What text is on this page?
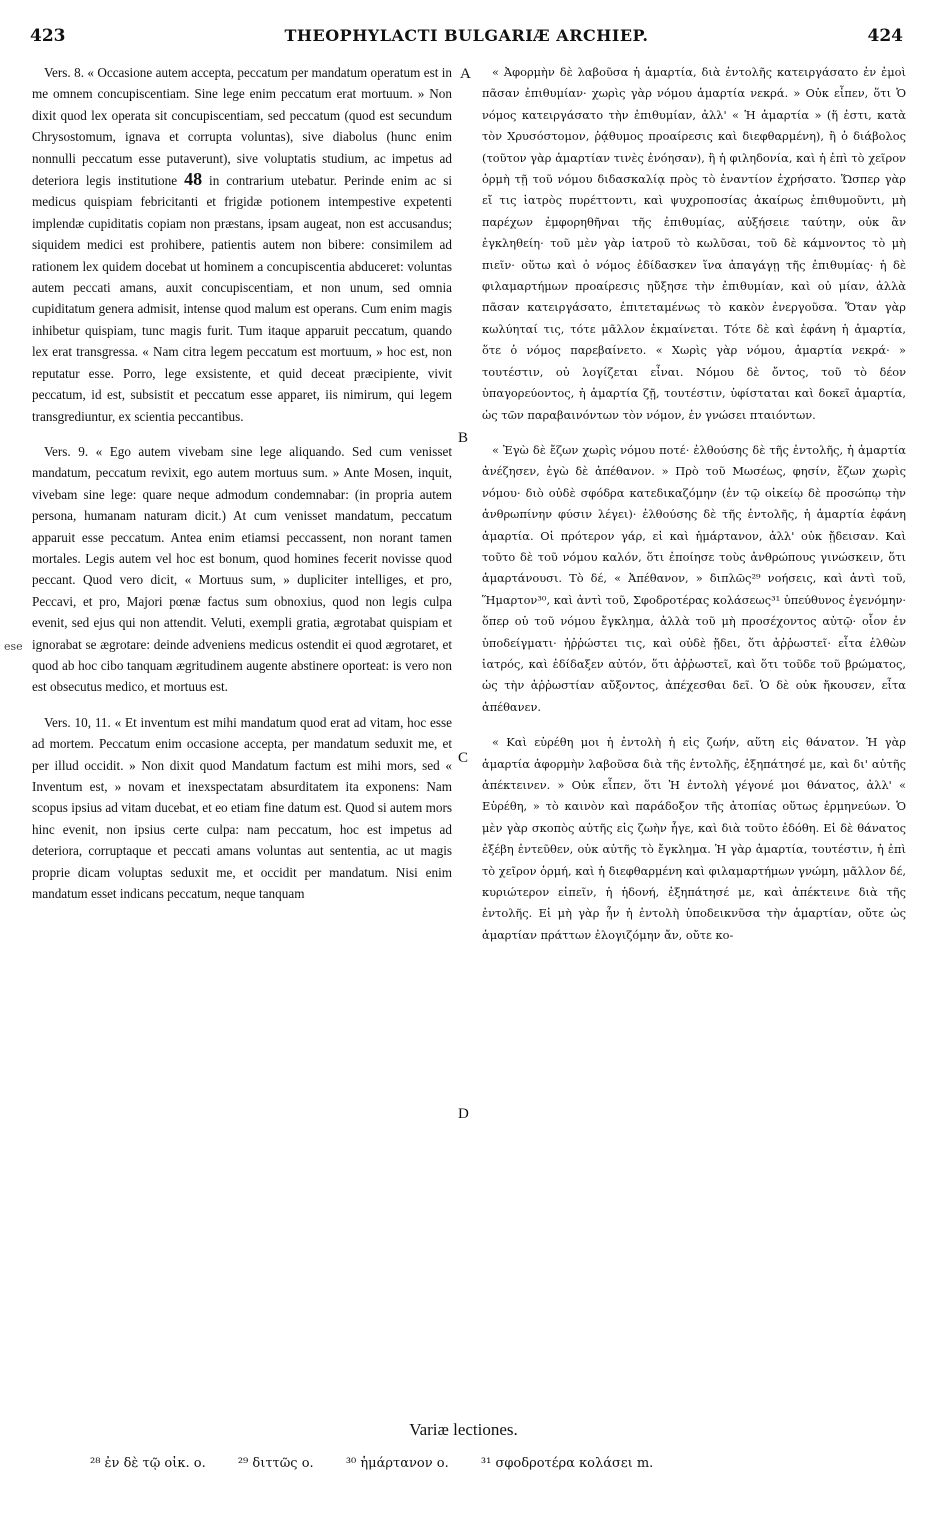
423	THEOPHYLACTI BULGARIÆ ARCHIEP.	424

Vers. 8. « Occasione autem accepta, peccatum per mandatum operatum est in me omnem concupiscentiam. Sine lege enim peccatum erat mortuum. » Non dixit quod lex operata sit concupiscentiam, sed peccatum (quod est secundum Chrysostomum, ignava et corrupta voluntas), sive diabolus (hunc enim nonnulli peccatum esse putaverunt), sive voluptatis studium, ac impetus ad deteriora legis institutione 48 in contrarium utebatur. Perinde enim ac si medicus quispiam febricitanti et frigidæ potionem intempestive expetenti implendæ cupiditatis copiam non præstans, ipsam augeat, non est accusandus; siquidem medici est prohibere, patientis autem non bibere: consimilem ad rationem lex quidem docebat ut hominem a concupiscentia abduceret: voluntas autem peccati amans, auxit concupiscentiam, et non unum, sed omnia cupiditatum genera admisit, intense quod malum est operans. Cum enim magis inhibetur quispiam, tunc magis furit. Tum itaque apparuit peccatum, quando lex erat transgressa. « Nam citra legem peccatum est mortuum, » hoc est, non reputatur esse. Porro, lege exsistente, et quid deceat præcipiente, vivit peccatum, id est, subsistit et peccatum esse apparet, iis nimirum, qui legem transgrediuntur, ex scientia peccantibus.

Vers. 9. « Ego autem vivebam sine lege aliquando. Sed cum venisset mandatum, peccatum revixit, ego autem mortuus sum. » Ante Mosen, inquit, vivebam sine lege: quare neque admodum condemnabar: (in propria autem persona, humanam naturam dicit.) At cum venisset mandatum, peccatum apparuit esse peccatum. Antea enim etiamsi peccassent, non norant tamen mortales. Legis autem vel hoc est bonum, quod homines fecerit novisse quod peccant. Quod vero dicit, « Mortuus sum, » dupliciter intelliges, et pro, Peccavi, et pro, Majori pœnæ factus sum obnoxius, quod non legis culpa evenit, sed ejus qui non attendit. Veluti, exempli gratia, ægrotabat quispiam et ignorabat se ægrotare: deinde adveniens medicus ostendit ei quod ægrotaret, et quod ab hoc cibo tanquam ægritudinem augente abstinere oporteat: is vero non est obsecutus medico, et mortuus est.

Vers. 10, 11. « Et inventum est mihi mandatum quod erat ad vitam, hoc esse ad mortem. Peccatum enim occasione accepta, per mandatum seduxit me, et per illud occidit. » Non dixit quod Mandatum factum est mihi mors, sed « Inventum est, » novam et inexspectatam absurditatem ita exponens: Nam scopus ipsius ad vitam ducebat, et eo etiam fine datum est. Quod si autem mors hinc evenit, non ipsius certe culpa: nam peccatum, hoc est impetus ad deteriora, corruptaque et peccati amans voluntas aut sententia, ac ut magis proprie dicam voluptas seduxit me, et occidit per mandatum. Nisi enim mandatum esset indicans peccatum, neque tanquam

A
B
C
D

« Ἀφορμὴν δὲ λαβοῦσα ἡ ἁμαρτία, διὰ ἐντολῆς κατειργάσατο ἐν ἐμοὶ πᾶσαν ἐπιθυμίαν· χωρὶς γὰρ νόμου ἁμαρτία νεκρά. » Οὐκ εἶπεν, ὅτι Ὁ νόμος κατειργάσατο τὴν ἐπιθυμίαν, ἀλλ' « Ἡ ἁμαρτία » (ἥ ἐστι, κατὰ τὸν Χρυσόστομον, ῥᾴθυμος προαίρεσις καὶ διεφθαρμένη), ἢ ὁ διάβολος (τοῦτον γὰρ ἁμαρτίαν τινὲς ἐνόησαν), ἢ ἡ φιληδονία, καὶ ἡ ἐπὶ τὸ χεῖρον ὁρμὴ τῇ τοῦ νόμου διδασκαλίᾳ πρὸς τὸ ἐναντίον ἐχρήσατο. Ὥσπερ γὰρ εἴ τις ἰατρὸς πυρέττοντι, καὶ ψυχροποσίας ἀκαίρως ἐπιθυμοῦντι, μὴ παρέχων ἐμφορηθῆναι τῆς ἐπιθυμίας, αὐξήσειε ταύτην, οὐκ ἂν ἐγκληθείη· τοῦ μὲν γὰρ ἰατροῦ τὸ κωλῦσαι, τοῦ δὲ κάμνοντος τὸ μὴ πιεῖν· οὕτω καὶ ὁ νόμος ἐδίδασκεν ἵνα ἀπαγάγῃ τῆς ἐπιθυμίας· ἡ δὲ φιλαμαρτήμων προαίρεσις ηὔξησε τὴν ἐπιθυμίαν, καὶ οὐ μίαν, ἀλλὰ πᾶσαν κατειργάσατο, ἐπιτεταμένως τὸ κακὸν ἐνεργοῦσα. Ὅταν γὰρ κωλύηταί τις, τότε μᾶλλον ἐκμαίνεται. Τότε δὲ καὶ ἐφάνη ἡ ἁμαρτία, ὅτε ὁ νόμος παρεβαίνετο. « Χωρὶς γὰρ νόμου, ἁμαρτία νεκρά· » τουτέστιν, οὐ λογίζεται εἶναι. Νόμου δὲ ὄντος, τοῦ τὸ δέον ὑπαγορεύοντος, ἡ ἁμαρτία ζῇ, τουτέστιν, ὑφίσταται καὶ δοκεῖ ἁμαρτία, ὡς τῶν παραβαινόντων τὸν νόμον, ἐν γνώσει πταιόντων.

« Ἐγὼ δὲ ἔζων χωρὶς νόμου ποτέ· ἐλθούσης δὲ τῆς ἐντολῆς, ἡ ἁμαρτία ἀνέζησεν, ἐγὼ δὲ ἀπέθανον. » Πρὸ τοῦ Μωσέως, φησίν, ἔζων χωρὶς νόμου· διὸ οὐδὲ σφόδρα κατεδικαζόμην (ἐν τῷ οἰκείῳ δὲ προσώπῳ τὴν ἀνθρωπίνην φύσιν λέγει)· ἐλθούσης δὲ τῆς ἐντολῆς, ἡ ἁμαρτία ἐφάνη ἁμαρτία. Οἱ πρότερον γάρ, εἰ καὶ ἡμάρτανον, ἀλλ' οὐκ ᾔδεισαν. Καὶ τοῦτο δὲ τοῦ νόμου καλόν, ὅτι ἐποίησε τοὺς ἀνθρώπους γινώσκειν, ὅτι ἁμαρτάνουσι. Τὸ δέ, « Ἀπέθανον, » διπλῶς²⁹ νοήσεις, καὶ ἀντὶ τοῦ, Ἥμαρτον³⁰, καὶ ἀντὶ τοῦ, Σφοδροτέρας κολάσεως³¹ ὑπεύθυνος ἐγενόμην· ὅπερ οὐ τοῦ νόμου ἔγκλημα, ἀλλὰ τοῦ μὴ προσέχοντος αὐτῷ· οἷον ἐν ὑποδείγματι· ἠῤῥώστει τις, καὶ οὐδὲ ᾔδει, ὅτι ἀῤῥωστεῖ· εἶτα ἐλθὼν ἰατρός, καὶ ἐδίδαξεν αὐτόν, ὅτι ἀῤῥωστεῖ, καὶ ὅτι τοῦδε τοῦ βρώματος, ὡς τὴν ἀῤῥωστίαν αὔξοντος, ἀπέχεσθαι δεῖ. Ὁ δὲ οὐκ ἤκουσεν, εἶτα ἀπέθανεν.

« Καὶ εὑρέθη μοι ἡ ἐντολὴ ἡ εἰς ζωήν, αὕτη εἰς θάνατον. Ἡ γὰρ ἁμαρτία ἀφορμὴν λαβοῦσα διὰ τῆς ἐντολῆς, ἐξηπάτησέ με, καὶ δι' αὐτῆς ἀπέκτεινεν. » Οὐκ εἶπεν, ὅτι Ἡ ἐντολὴ γέγονέ μοι θάνατος, ἀλλ' « Εὑρέθη, » τὸ καινὸν καὶ παράδοξον τῆς ἀτοπίας οὕτως ἑρμηνεύων. Ὁ μὲν γὰρ σκοπὸς αὐτῆς εἰς ζωὴν ἦγε, καὶ διὰ τοῦτο ἐδόθη. Εἰ δὲ θάνατος ἐξέβη ἐντεῦθεν, οὐκ αὐτῆς τὸ ἔγκλημα. Ἡ γὰρ ἁμαρτία, τουτέστιν, ἡ ἐπὶ τὸ χεῖρον ὁρμή, καὶ ἡ διεφθαρμένη καὶ φιλαμαρτήμων γνώμη, μᾶλλον δέ, κυριώτερον εἰπεῖν, ἡ ἡδονή, ἐξηπάτησέ με, καὶ ἀπέκτεινε διὰ τῆς ἐντολῆς. Εἰ μὴ γὰρ ἦν ἡ ἐντολὴ ὑποδεικνῦσα τὴν ἁμαρτίαν, οὔτε ὡς ἁμαρτίαν πράττων ἐλογιζόμην ἄν, οὔτε κο-

ese
Variæ lectiones.
²⁸ ἐν δὲ τῷ οἰκ. ο. ²⁹ διττῶς ο. ³⁰ ἡμάρτανον ο. ³¹ σφοδροτέρα κολάσει m.
